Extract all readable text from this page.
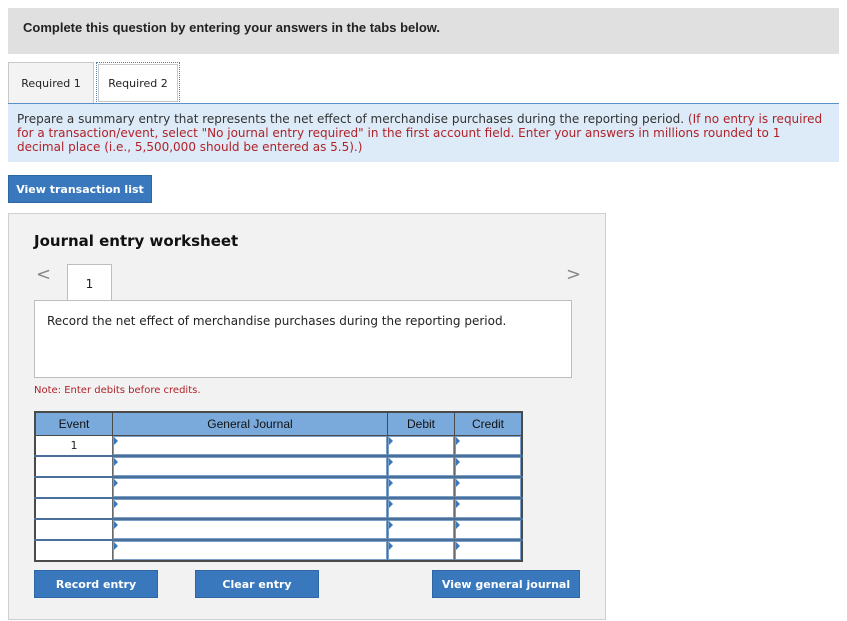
Complete this question by entering your answers in the tabs below.
Required 1	Required 2
Prepare a summary entry that represents the net effect of merchandise purchases during the reporting period. (If no entry is required for a transaction/event, select "No journal entry required" in the first account field. Enter your answers in millions rounded to 1 decimal place (i.e., 5,500,000 should be entered as 5.5).)
View transaction list
Journal entry worksheet
<	1	>
Record the net effect of merchandise purchases during the reporting period.
Note: Enter debits before credits.
Event	General Journal	Debit	Credit
1	

Record entry	Clear entry	View general journal
